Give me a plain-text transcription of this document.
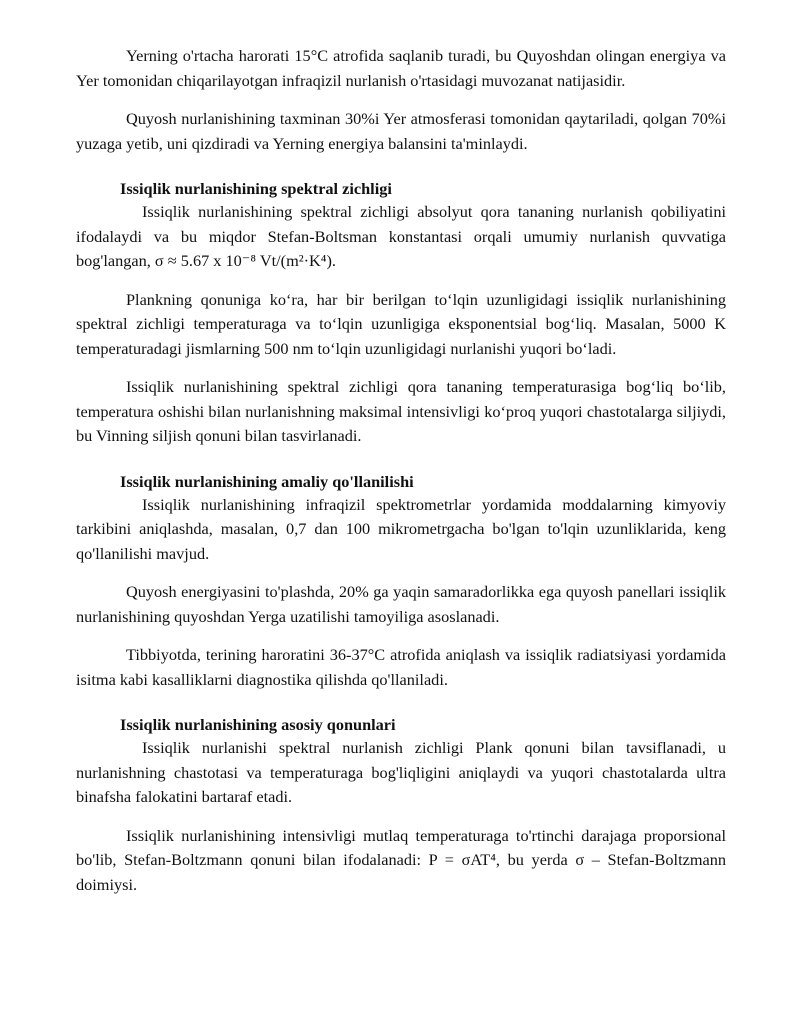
Yerning o'rtacha harorati 15°C atrofida saqlanib turadi, bu Quyoshdan olingan energiya va Yer tomonidan chiqarilayotgan infraqizil nurlanish o'rtasidagi muvozanat natijasidir.

Quyosh nurlanishining taxminan 30%i Yer atmosferasi tomonidan qaytariladi, qolgan 70%i yuzaga yetib, uni qizdiradi va Yerning energiya balansini ta'minlaydi.

Issiqlik nurlanishining spektral zichligi

Issiqlik nurlanishining spektral zichligi absolyut qora tananing nurlanish qobiliyatini ifodalaydi va bu miqdor Stefan-Boltsman konstantasi orqali umumiy nurlanish quvvatiga bog'langan, σ ≈ 5.67 x 10⁻⁸ Vt/(m²·K⁴).

Plankning qonuniga ko‘ra, har bir berilgan to‘lqin uzunligidagi issiqlik nurlanishining spektral zichligi temperaturaga va to‘lqin uzunligiga eksponentsial bog‘liq. Masalan, 5000 K temperaturadagi jismlarning 500 nm to‘lqin uzunligidagi nurlanishi yuqori bo‘ladi.

Issiqlik nurlanishining spektral zichligi qora tananing temperaturasiga bog‘liq bo‘lib, temperatura oshishi bilan nurlanishning maksimal intensivligi ko‘proq yuqori chastotalarga siljiydi, bu Vinning siljish qonuni bilan tasvirlanadi.

Issiqlik nurlanishining amaliy qo'llanilishi

Issiqlik nurlanishining infraqizil spektrometrlar yordamida moddalarning kimyoviy tarkibini aniqlashda, masalan, 0,7 dan 100 mikrometrgacha bo'lgan to'lqin uzunliklarida, keng qo'llanilishi mavjud.

Quyosh energiyasini to'plashda, 20% ga yaqin samaradorlikka ega quyosh panellari issiqlik nurlanishining quyoshdan Yerga uzatilishi tamoyiliga asoslanadi.

Tibbiyotda, terining haroratini 36-37°C atrofida aniqlash va issiqlik radiatsiyasi yordamida isitma kabi kasalliklarni diagnostika qilishda qo'llaniladi.

Issiqlik nurlanishining asosiy qonunlari

Issiqlik nurlanishi spektral nurlanish zichligi Plank qonuni bilan tavsiflanadi, u nurlanishning chastotasi va temperaturaga bog'liqligini aniqlaydi va yuqori chastotalarda ultra binafsha falokatini bartaraf etadi.

Issiqlik nurlanishining intensivligi mutlaq temperaturaga to'rtinchi darajaga proporsional bo'lib, Stefan-Boltzmann qonuni bilan ifodalanadi: P = σAT⁴, bu yerda σ – Stefan-Boltzmann doimiysi.
